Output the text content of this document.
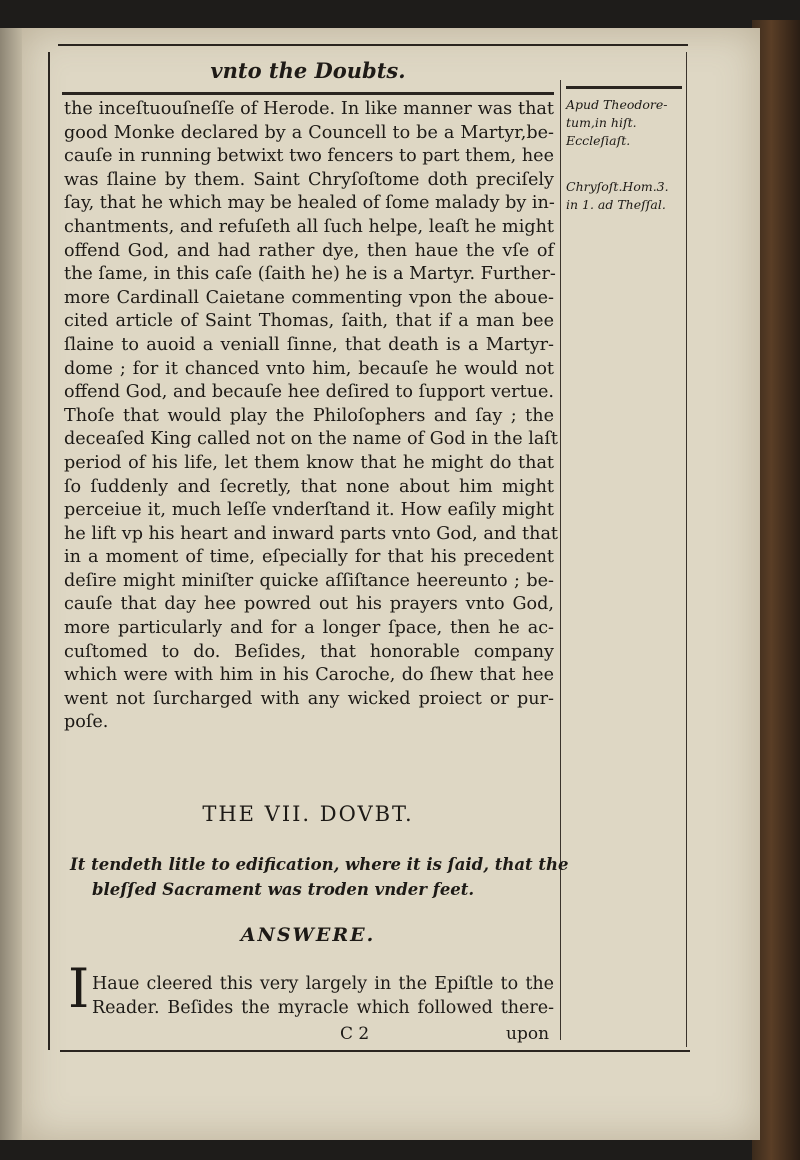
vnto the Doubts.
the inceſtuouſneſſe of Herode. In like manner was that
good Monke declared by a Councell to be a Martyr,be-
cauſe in running betwixt two fencers to part them, hee
was ſlaine by them. Saint Chryſoſtome doth preciſely
ſay, that he which may be healed of ſome malady by in-
chantments, and refuſeth all ſuch helpe, leaſt he might
offend God, and had rather dye, then haue the vſe of
the ſame, in this caſe (ſaith he) he is a Martyr. Further-
more Cardinall Caietane commenting vpon the aboue-
cited article of Saint Thomas, ſaith, that if a man bee
ſlaine to auoid a veniall ſinne, that death is a Martyr-
dome ; for it chanced vnto him, becauſe he would not
offend God, and becauſe hee deſired to ſupport vertue.
Thoſe that would play the Philoſophers and ſay ; the
deceaſed King called not on the name of God in the laſt
period of his life, let them know that he might do that
ſo ſuddenly and ſecretly, that none about him might
perceiue it, much leſſe vnderſtand it. How eaſily might
he lift vp his heart and inward parts vnto God, and that
in a moment of time, eſpecially for that his precedent
deſire might miniſter quicke aſſiſtance heereunto ; be-
cauſe that day hee powred out his prayers vnto God,
more particularly and for a longer ſpace, then he ac-
cuſtomed to do. Beſides, that honorable company
which were with him in his Caroche, do ſhew that hee
went not ſurcharged with any wicked proiect or pur-
poſe.
THE VII. DOVBT.
It tendeth litle to edification, where it is ſaid, that the
bleſſed Sacrament was troden vnder feet.
ANSWERE.
I Haue cleered this very largely in the Epiſtle to the
Reader. Beſides the myracle which followed there-
C 2	upon
Apud Theodore-
tum,in hiſt.
Eccleſiaſt.
Chryſoſt.Hom.3.
in 1. ad Theſſal.
